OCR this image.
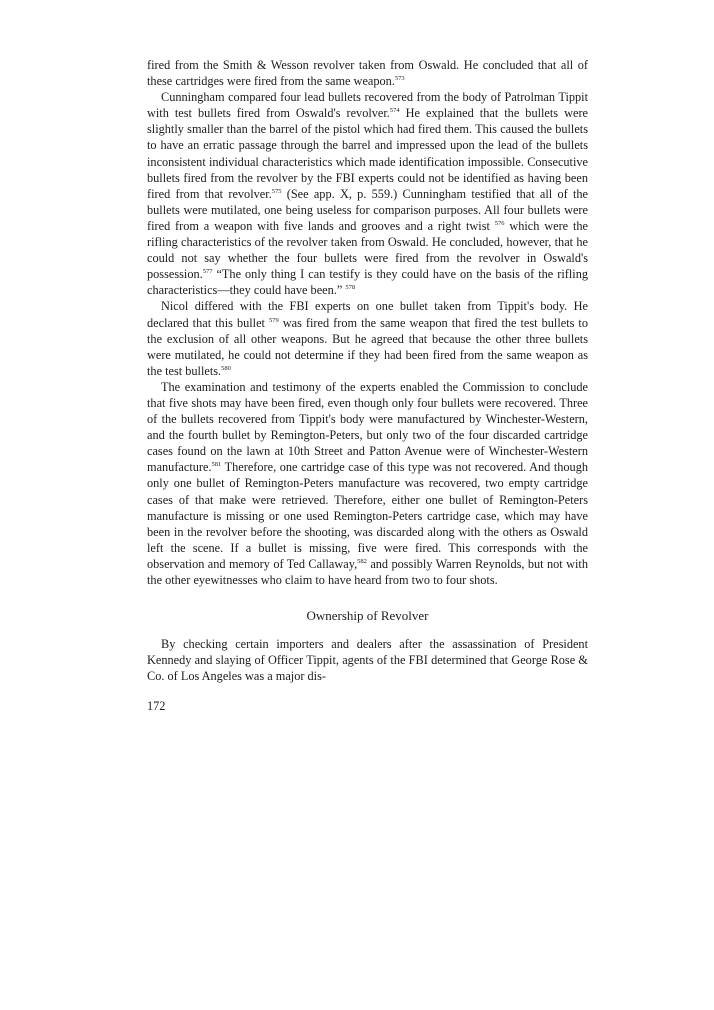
fired from the Smith & Wesson revolver taken from Oswald. He concluded that all of these cartridges were fired from the same weapon.$^{573}$

Cunningham compared four lead bullets recovered from the body of Patrolman Tippit with test bullets fired from Oswald's revolver.$^{574}$ He explained that the bullets were slightly smaller than the barrel of the pistol which had fired them. This caused the bullets to have an erratic passage through the barrel and impressed upon the lead of the bullets inconsistent individual characteristics which made identification impossible. Consecutive bullets fired from the revolver by the FBI experts could not be identified as having been fired from that revolver.$^{575}$ (See app. X, p. 559.) Cunningham testified that all of the bullets were mutilated, one being useless for comparison purposes. All four bullets were fired from a weapon with five lands and grooves and a right twist $^{576}$ which were the rifling characteristics of the revolver taken from Oswald. He concluded, however, that he could not say whether the four bullets were fired from the revolver in Oswald's possession.$^{577}$ “The only thing I can testify is they could have on the basis of the rifling characteristics—they could have been.” $^{578}$

Nicol differed with the FBI experts on one bullet taken from Tippit's body. He declared that this bullet $^{579}$ was fired from the same weapon that fired the test bullets to the exclusion of all other weapons. But he agreed that because the other three bullets were mutilated, he could not determine if they had been fired from the same weapon as the test bullets.$^{580}$

The examination and testimony of the experts enabled the Commission to conclude that five shots may have been fired, even though only four bullets were recovered. Three of the bullets recovered from Tippit's body were manufactured by Winchester-Western, and the fourth bullet by Remington-Peters, but only two of the four discarded cartridge cases found on the lawn at 10th Street and Patton Avenue were of Winchester-Western manufacture.$^{581}$ Therefore, one cartridge case of this type was not recovered. And though only one bullet of Remington-Peters manufacture was recovered, two empty cartridge cases of that make were retrieved. Therefore, either one bullet of Remington-Peters manufacture is missing or one used Remington-Peters cartridge case, which may have been in the revolver before the shooting, was discarded along with the others as Oswald left the scene. If a bullet is missing, five were fired. This corresponds with the observation and memory of Ted Callaway,$^{582}$ and possibly Warren Reynolds, but not with the other eyewitnesses who claim to have heard from two to four shots.

Ownership of Revolver

By checking certain importers and dealers after the assassination of President Kennedy and slaying of Officer Tippit, agents of the FBI determined that George Rose & Co. of Los Angeles was a major dis-

172
